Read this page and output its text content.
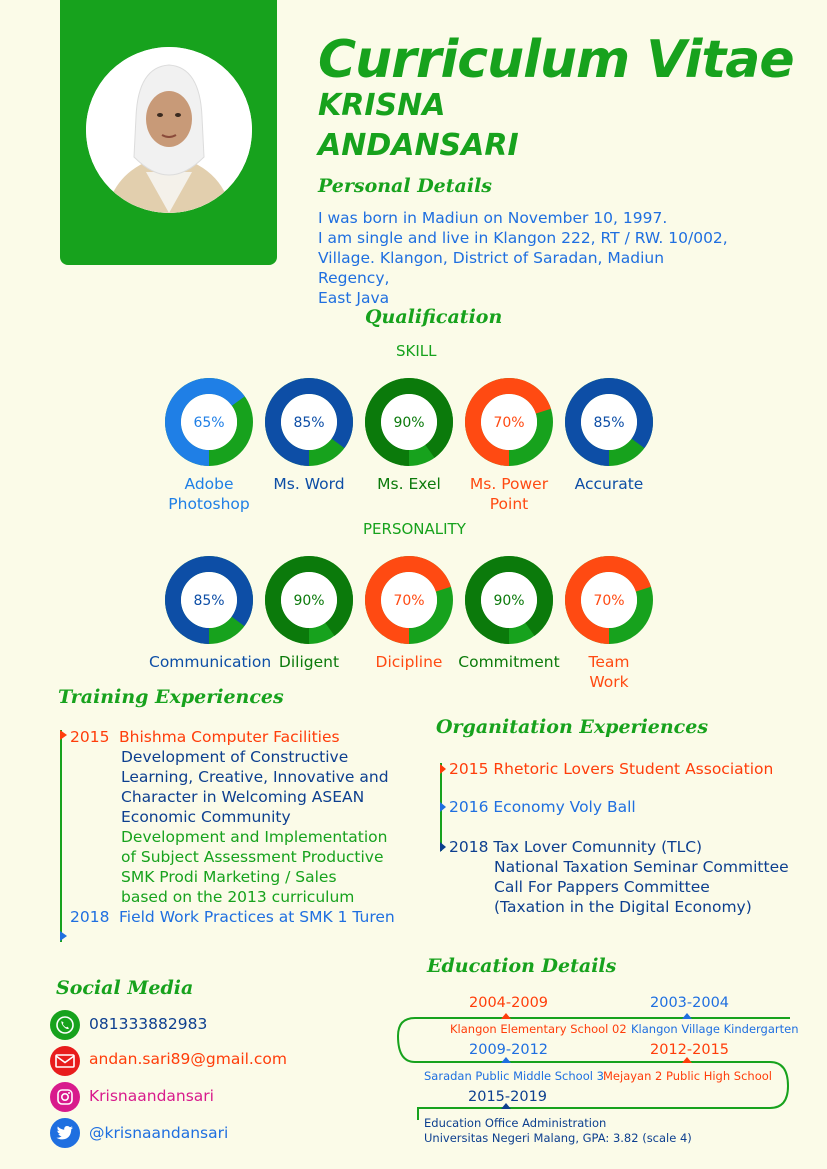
Curriculum Vitae
KRISNA
ANDANSARI
Personal Details
I was born in Madiun on November 10, 1997.
I am single and live in Klangon 222, RT / RW. 10/002,
Village. Klangon, District of Saradan, Madiun Regency,
East Java
Qualification
SKILL
65%
Adobe
Photoshop
85%
Ms. Word
90%
Ms. Exel
70%
Ms. Power
Point
85%
Accurate
PERSONALITY
85%
Communication
90%
Diligent
70%
Dicipline
90%
Commitment
70%
Team
Work
Training Experiences
2015 Bhishma Computer Facilities
Development of Constructive
Learning, Creative, Innovative and
Character in Welcoming ASEAN
Economic Community
Development and Implementation
of Subject Assessment Productive
SMK Prodi Marketing / Sales
based on the 2013 curriculum
2018 Field Work Practices at SMK 1 Turen
Organitation Experiences
2015 Rhetoric Lovers Student Association
2016 Economy Voly Ball
2018 Tax Lover Comunnity (TLC)
National Taxation Seminar Committee
Call For Pappers Committee
(Taxation in the Digital Economy)
Education Details
2004-2009
Klangon Elementary School 02
2003-2004
Klangon Village Kindergarten
2009-2012
Saradan Public Middle School 3
2012-2015
Mejayan 2 Public High School
2015-2019
Education Office Administration
Universitas Negeri Malang, GPA: 3.82 (scale 4)
Social Media
081333882983
andan.sari89@gmail.com
Krisnaandansari
@krisnaandansari
